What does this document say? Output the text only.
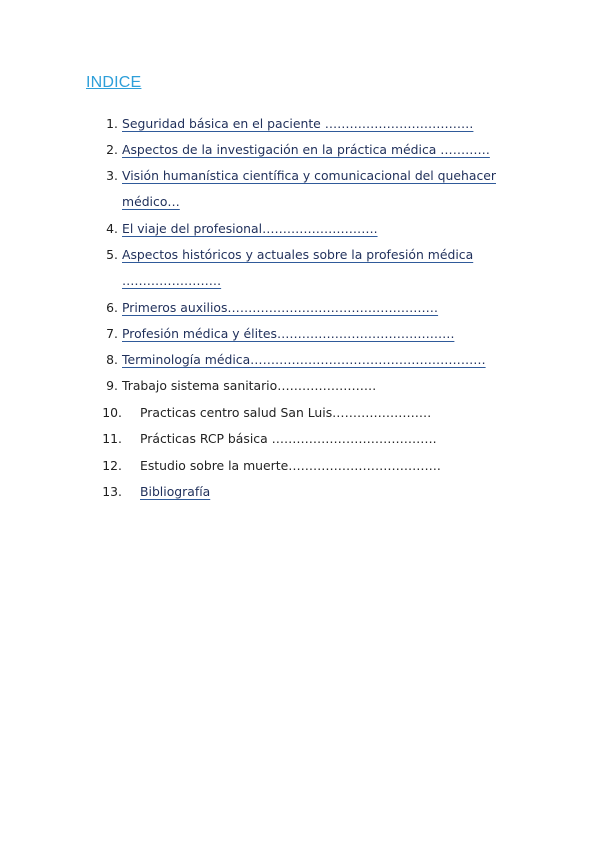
INDICE
1. Seguridad básica en el paciente ………………………………
2. Aspectos de la investigación en la práctica médica …………
3. Visión humanística científica y comunicacional del quehacer
médico…
4. El viaje del profesional……………………….
5. Aspectos históricos y actuales sobre la profesión médica
……………………
6. Primeros auxilios……………………………………………
7. Profesión médica y élites…………………………………….
8. Terminología médica…………………………………………………
9. Trabajo sistema sanitario……………………
10. Practicas centro salud San Luis……………………
11. Prácticas RCP básica ………………………………….
12. Estudio sobre la muerte……………………………….
13. Bibliografía
